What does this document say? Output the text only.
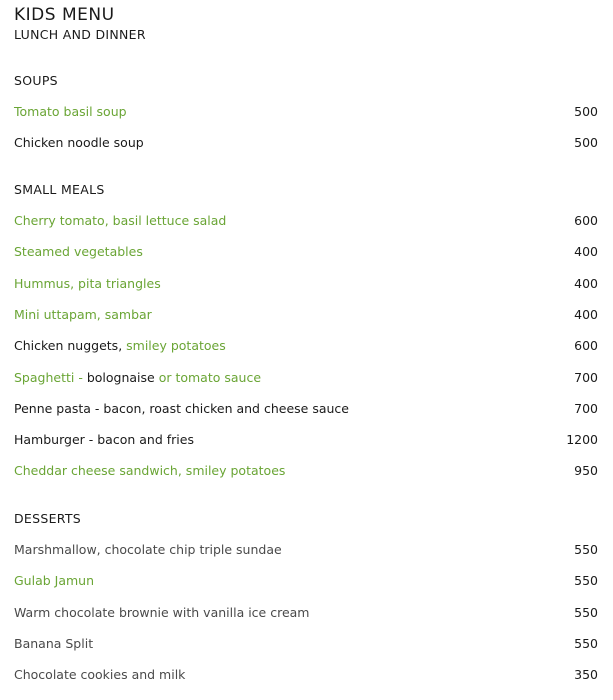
KIDS MENU
LUNCH AND DINNER
SOUPS
Tomato basil soup	500
Chicken noodle soup	500
SMALL MEALS
Cherry tomato, basil lettuce salad	600
Steamed vegetables	400
Hummus, pita triangles	400
Mini uttapam, sambar	400
Chicken nuggets, smiley potatoes	600
Spaghetti - bolognaise or tomato sauce	700
Penne pasta - bacon, roast chicken and cheese sauce	700
Hamburger - bacon and fries	1200
Cheddar cheese sandwich, smiley potatoes	950
DESSERTS
Marshmallow, chocolate chip triple sundae	550
Gulab Jamun	550
Warm chocolate brownie with vanilla ice cream	550
Banana Split	550
Chocolate cookies and milk	350
